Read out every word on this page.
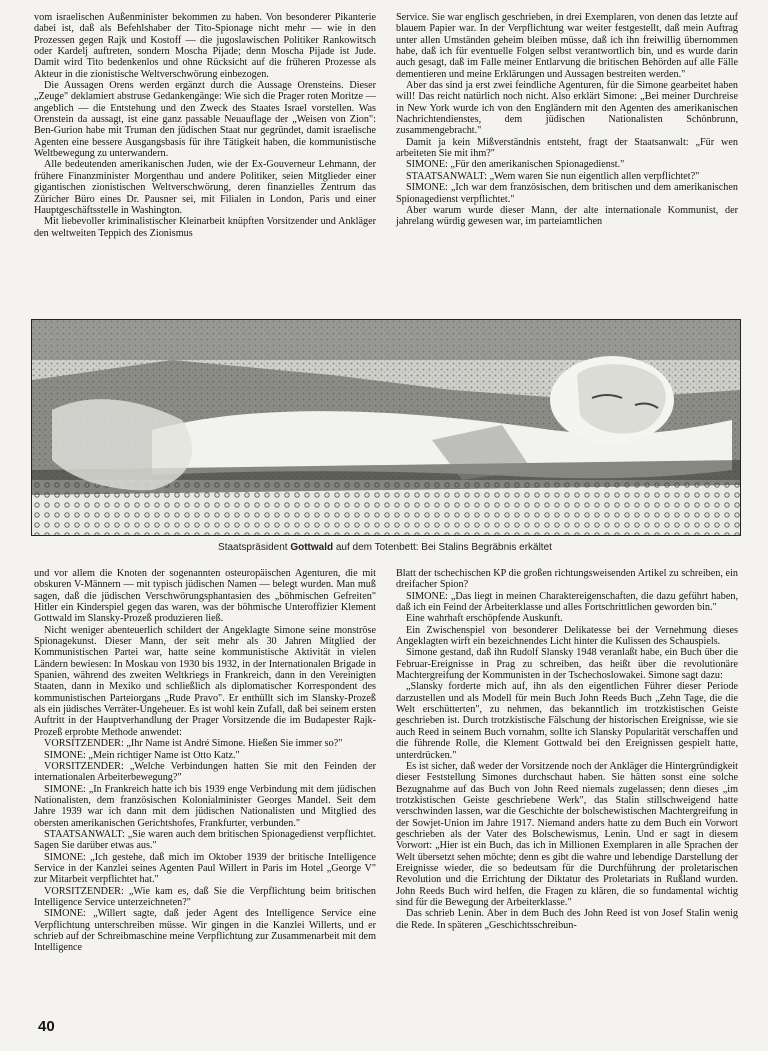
vom israelischen Außenminister bekommen zu haben. Von besonderer Pikanterie dabei ist, daß als Befehlshaber der Tito-Spionage nicht mehr — wie in den Prozessen gegen Rajk und Kostoff — die jugoslawischen Politiker Rankowitsch oder Kardelj auftreten, sondern Moscha Pijade; denn Moscha Pijade ist Jude. Damit wird Tito bedenkenlos und ohne Rücksicht auf die früheren Prozesse als Akteur in die zionistische Weltverschwörung einbezogen.

Die Aussagen Orens werden ergänzt durch die Aussage Orensteins. Dieser „Zeuge" deklamiert abstruse Gedankengänge: Wie sich die Prager roten Moritze — angeblich — die Entstehung und den Zweck des Staates Israel vorstellen. Was Orenstein da aussagt, ist eine ganz passable Neuauflage der „Weisen von Zion": Ben-Gurion habe mit Truman den jüdischen Staat nur gegründet, damit israelische Agenten eine bessere Ausgangsbasis für ihre Tätigkeit haben, die kommunistische Weltbewegung zu unterwandern.

Alle bedeutenden amerikanischen Juden, wie der Ex-Gouverneur Lehmann, der frühere Finanzminister Morgenthau und andere Politiker, seien Mitglieder einer gigantischen zionistischen Weltverschwörung, deren finanzielles Zentrum das Züricher Büro eines Dr. Pausner sei, mit Filialen in London, Paris und einer Hauptgeschäftsstelle in Washington.

Mit liebevoller kriminalistischer Kleinarbeit knüpften Vorsitzender und Ankläger den weltweiten Teppich des Zionismus

Service. Sie war englisch geschrieben, in drei Exemplaren, von denen das letzte auf blauem Papier war. In der Verpflichtung war weiter festgestellt, daß mein Auftrag unter allen Umständen geheim bleiben müsse, daß ich ihn freiwillig übernommen habe, daß ich für eventuelle Folgen selbst verantwortlich bin, und es wurde darin auch gesagt, daß im Falle meiner Entlarvung die britischen Behörden auf alle Fälle dementieren und meine Erklärungen und Aussagen bestreiten werden."

Aber das sind ja erst zwei feindliche Agenturen, für die Simone gearbeitet haben will! Das reicht natürlich noch nicht. Also erklärt Simone: „Bei meiner Durchreise in New York wurde ich von den Engländern mit den Agenten des amerikanischen Nachrichtendienstes, dem jüdischen Nationalisten Schönbrunn, zusammengebracht."

Damit ja kein Mißverständnis entsteht, fragt der Staatsanwalt: „Für wen arbeiteten Sie mit ihm?"

SIMONE: „Für den amerikanischen Spionagedienst."

STAATSANWALT: „Wem waren Sie nun eigentlich allen verpflichtet?"

SIMONE: „Ich war dem französischen, dem britischen und dem amerikanischen Spionagedienst verpflichtet."

Aber warum wurde dieser Mann, der alte internationale Kommunist, der jahrelang würdig gewesen war, im parteiamtlichen

Staatspräsident Gottwald auf dem Totenbett: Bei Stalins Begräbnis erkältet

und vor allem die Knoten der sogenannten osteuropäischen Agenturen, die mit obskuren V-Männern — mit typisch jüdischen Namen — belegt wurden. Man muß sagen, daß die jüdischen Verschwörungsphantasien des „böhmischen Gefreiten" Hitler ein Kinderspiel gegen das waren, was der böhmische Unteroffizier Klement Gottwald im Slansky-Prozeß produzieren ließ.

Nicht weniger abenteuerlich schildert der Angeklagte Simone seine monströse Spionagekunst. Dieser Mann, der seit mehr als 30 Jahren Mitglied der Kommunistischen Partei war, hatte seine kommunistische Aktivität in vielen Ländern bewiesen: In Moskau von 1930 bis 1932, in der Internationalen Brigade in Spanien, während des zweiten Weltkriegs in Frankreich, dann in den Vereinigten Staaten, dann in Mexiko und schließlich als diplomatischer Korrespondent des kommunistischen Parteiorgans „Rude Pravo". Er enthüllt sich im Slansky-Prozeß als ein jüdisches Verräter-Ungeheuer. Es ist wohl kein Zufall, daß bei seinem ersten Auftritt in der Hauptverhandlung der Prager Vorsitzende die im Budapester Rajk-Prozeß erprobte Methode anwendet:

VORSITZENDER: „Ihr Name ist André Simone. Hießen Sie immer so?"

SIMONE: „Mein richtiger Name ist Otto Katz."

VORSITZENDER: „Welche Verbindungen hatten Sie mit den Feinden der internationalen Arbeiterbewegung?"

SIMONE: „In Frankreich hatte ich bis 1939 enge Verbindung mit dem jüdischen Nationalisten, dem französischen Kolonialminister Georges Mandel. Seit dem Jahre 1939 war ich dann mit dem jüdischen Nationalisten und Mitglied des obersten amerikanischen Gerichtshofes, Frankfurter, verbunden."

STAATSANWALT: „Sie waren auch dem britischen Spionagedienst verpflichtet. Sagen Sie darüber etwas aus."

SIMONE: „Ich gestehe, daß mich im Oktober 1939 der britische Intelligence Service in der Kanzlei seines Agenten Paul Willert in Paris im Hotel „George V" zur Mitarbeit verpflichtet hat."

VORSITZENDER: „Wie kam es, daß Sie die Verpflichtung beim britischen Intelligence Service unterzeichneten?"

SIMONE: „Willert sagte, daß jeder Agent des Intelligence Service eine Verpflichtung unterschreiben müsse. Wir gingen in die Kanzlei Willerts, und er schrieb auf der Schreibmaschine meine Verpflichtung zur Zusammenarbeit mit dem Intelligence

Blatt der tschechischen KP die großen richtungsweisenden Artikel zu schreiben, ein dreifacher Spion?

SIMONE: „Das liegt in meinen Charaktereigenschaften, die dazu geführt haben, daß ich ein Feind der Arbeiterklasse und alles Fortschrittlichen geworden bin."

Eine wahrhaft erschöpfende Auskunft.

Ein Zwischenspiel von besonderer Delikatesse bei der Vernehmung dieses Angeklagten wirft ein bezeichnendes Licht hinter die Kulissen des Schauspiels.

Simone gestand, daß ihn Rudolf Slansky 1948 veranlaßt habe, ein Buch über die Februar-Ereignisse in Prag zu schreiben, das heißt über die revolutionäre Machtergreifung der Kommunisten in der Tschechoslowakei. Simone sagt dazu:

„Slansky forderte mich auf, ihn als den eigentlichen Führer dieser Periode darzustellen und als Modell für mein Buch John Reeds Buch „Zehn Tage, die die Welt erschütterten", zu nehmen, das bekanntlich im trotzkistischen Geiste geschrieben ist. Durch trotzkistische Fälschung der historischen Ereignisse, wie sie auch Reed in seinem Buch vornahm, sollte ich Slansky Popularität verschaffen und die führende Rolle, die Klement Gottwald bei den Ereignissen gespielt hatte, unterdrücken."

Es ist sicher, daß weder der Vorsitzende noch der Ankläger die Hintergründigkeit dieser Feststellung Simones durchschaut haben. Sie hätten sonst eine solche Bezugnahme auf das Buch von John Reed niemals zugelassen; denn dieses „im trotzkistischen Geiste geschriebene Werk", das Stalin stillschweigend hatte verschwinden lassen, war die Geschichte der bolschewistischen Machtergreifung in der Sowjet-Union im Jahre 1917. Niemand anders hatte zu dem Buch ein Vorwort geschrieben als der Vater des Bolschewismus, Lenin. Und er sagt in diesem Vorwort: „Hier ist ein Buch, das ich in Millionen Exemplaren in alle Sprachen der Welt übersetzt sehen möchte; denn es gibt die wahre und lebendige Darstellung der Ereignisse wieder, die so bedeutsam für die Durchführung der proletarischen Revolution und die Errichtung der Diktatur des Proletariats in Rußland wurden. John Reeds Buch wird helfen, die Fragen zu klären, die so fundamental wichtig sind für die Bewegung der Arbeiterklasse."

Das schrieb Lenin. Aber in dem Buch des John Reed ist von Josef Stalin wenig die Rede. In späteren „Geschichtsschreibun-

40
